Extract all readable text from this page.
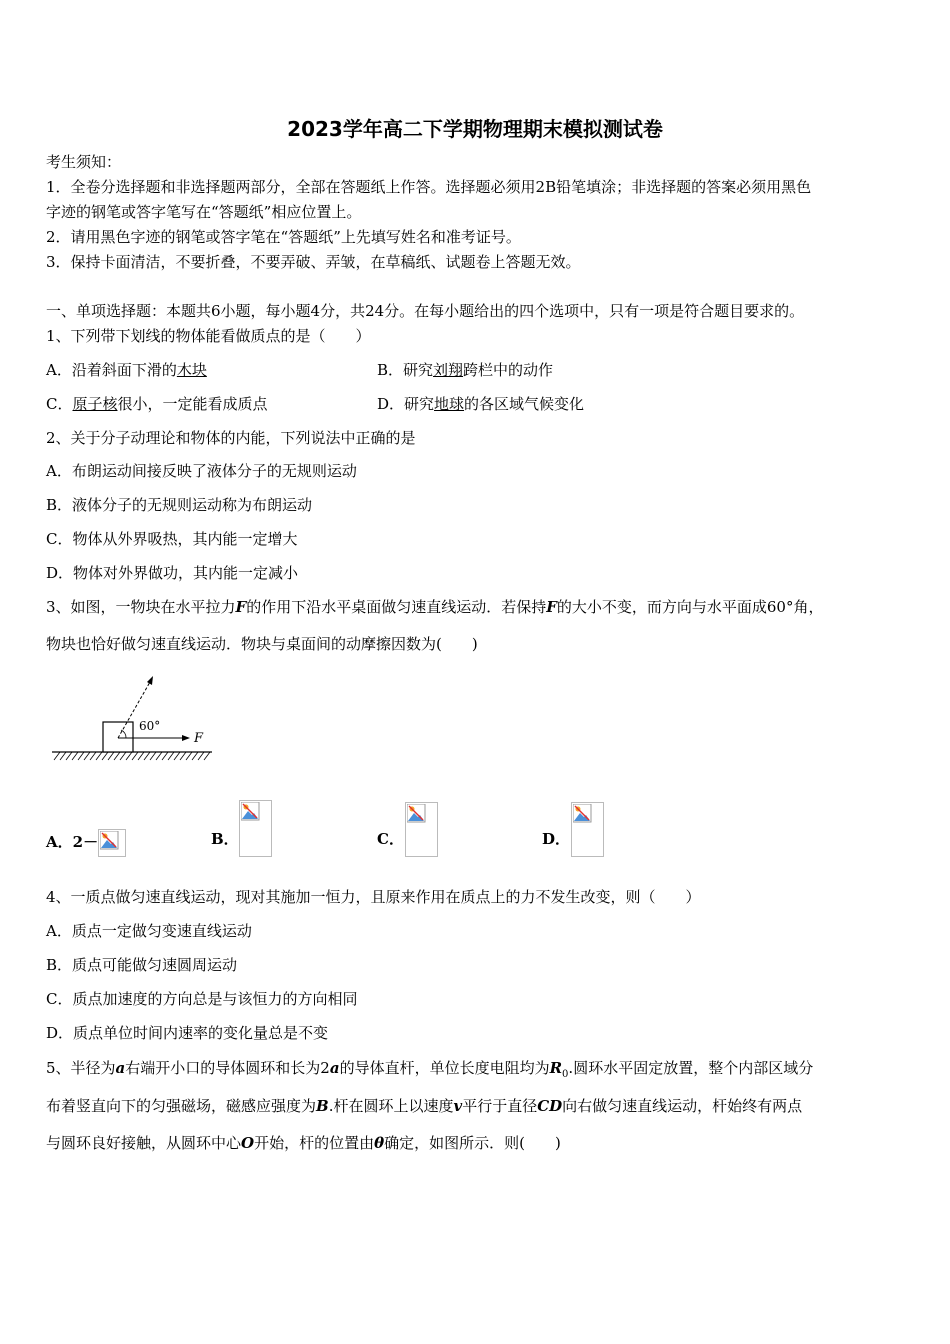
2023学年高二下学期物理期末模拟测试卷
考生须知：
1．全卷分选择题和非选择题两部分，全部在答题纸上作答。选择题必须用2B铅笔填涂；非选择题的答案必须用黑色
字迹的钢笔或答字笔写在“答题纸”相应位置上。
2．请用黑色字迹的钢笔或答字笔在“答题纸”上先填写姓名和准考证号。
3．保持卡面清洁，不要折叠，不要弄破、弄皱，在草稿纸、试题卷上答题无效。
一、单项选择题：本题共6小题，每小题4分，共24分。在每小题给出的四个选项中，只有一项是符合题目要求的。
1、下列带下划线的物体能看做质点的是（　　）
A．沿着斜面下滑的木块	B．研究刘翔跨栏中的动作
C．原子核很小，一定能看成质点	D．研究地球的各区域气候变化
2、关于分子动理论和物体的内能，下列说法中正确的是
A．布朗运动间接反映了液体分子的无规则运动
B．液体分子的无规则运动称为布朗运动
C．物体从外界吸热，其内能一定增大
D．物体对外界做功，其内能一定减小
3、如图，一物块在水平拉力F的作用下沿水平桌面做匀速直线运动．若保持F的大小不变，而方向与水平面成60°角，
物块也恰好做匀速直线运动．物块与桌面间的动摩擦因数为(　　)
60°
F
A．2－	B．	C．	D．
4、一质点做匀速直线运动，现对其施加一恒力，且原来作用在质点上的力不发生改变，则（　　）
A．质点一定做匀变速直线运动
B．质点可能做匀速圆周运动
C．质点加速度的方向总是与该恒力的方向相同
D．质点单位时间内速率的变化量总是不变
5、半径为a右端开小口的导体圆环和长为2a的导体直杆，单位长度电阻均为$R_0$.圆环水平固定放置，整个内部区域分
布着竖直向下的匀强磁场，磁感应强度为B.杆在圆环上以速度v平行于直径CD向右做匀速直线运动，杆始终有两点
与圆环良好接触，从圆环中心O开始，杆的位置由θ确定，如图所示．则(　　)
